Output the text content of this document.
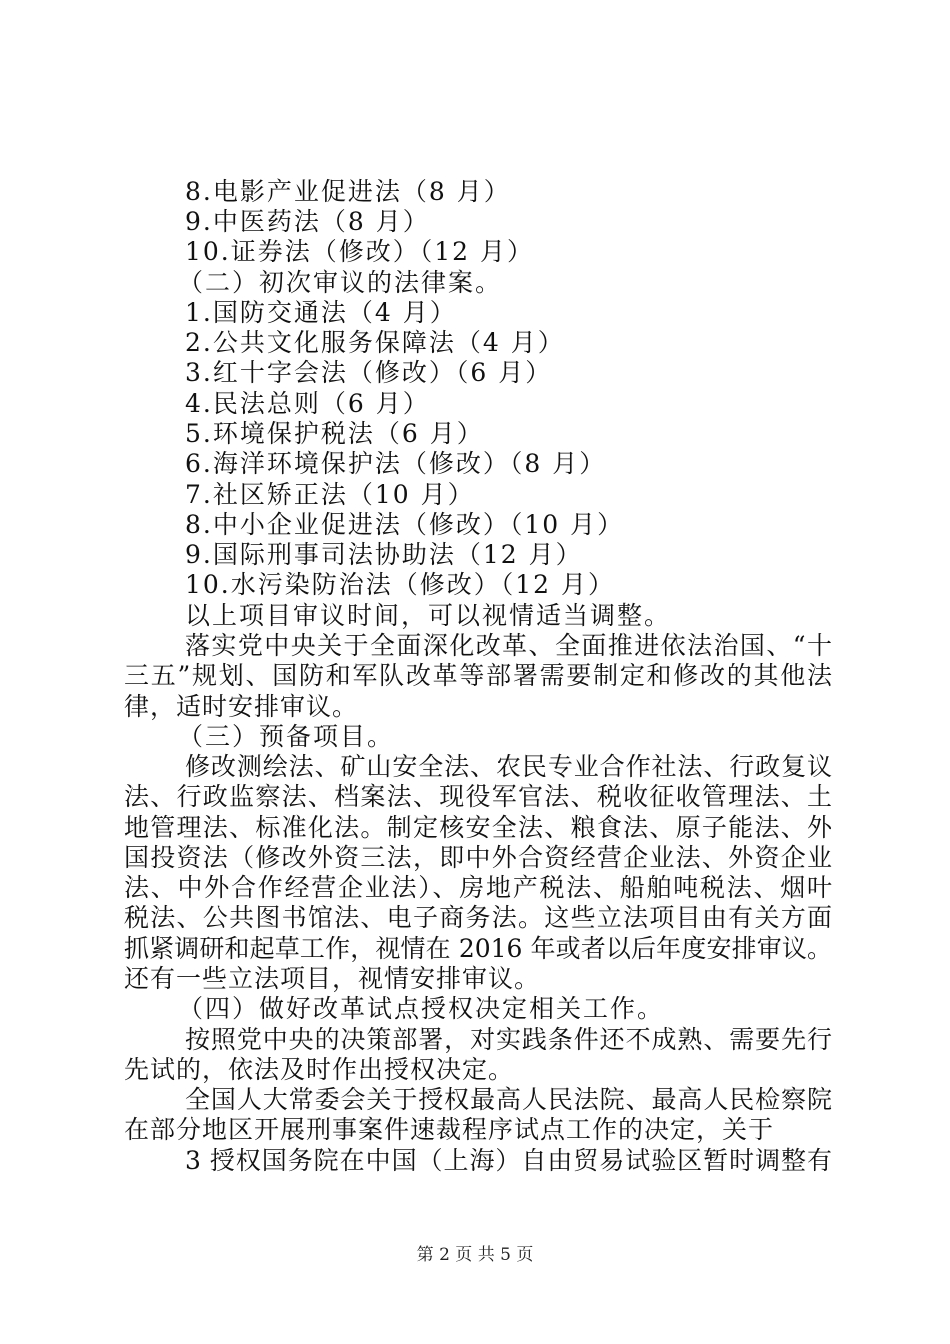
8.电影产业促进法（8 月）
9.中医药法（8 月）
10.证券法（修改）（12 月）
（二）初次审议的法律案。
1.国防交通法（4 月）
2.公共文化服务保障法（4 月）
3.红十字会法（修改）（6 月）
4.民法总则（6 月）
5.环境保护税法（6 月）
6.海洋环境保护法（修改）（8 月）
7.社区矫正法（10 月）
8.中小企业促进法（修改）（10 月）
9.国际刑事司法协助法（12 月）
10.水污染防治法（修改）（12 月）
以上项目审议时间，可以视情适当调整。
落实党中央关于全面深化改革、全面推进依法治国、“十
三五”规划、国防和军队改革等部署需要制定和修改的其他法
律，适时安排审议。
（三）预备项目。
修改测绘法、矿山安全法、农民专业合作社法、行政复议
法、行政监察法、档案法、现役军官法、税收征收管理法、土
地管理法、标准化法。制定核安全法、粮食法、原子能法、外
国投资法（修改外资三法，即中外合资经营企业法、外资企业
法、中外合作经营企业法）、房地产税法、船舶吨税法、烟叶
税法、公共图书馆法、电子商务法。这些立法项目由有关方面
抓紧调研和起草工作，视情在 2016 年或者以后年度安排审议。
还有一些立法项目，视情安排审议。
（四）做好改革试点授权决定相关工作。
按照党中央的决策部署，对实践条件还不成熟、需要先行
先试的，依法及时作出授权决定。
全国人大常委会关于授权最高人民法院、最高人民检察院
在部分地区开展刑事案件速裁程序试点工作的决定，关于
3 授权国务院在中国（上海）自由贸易试验区暂时调整有
第 2 页 共 5 页
